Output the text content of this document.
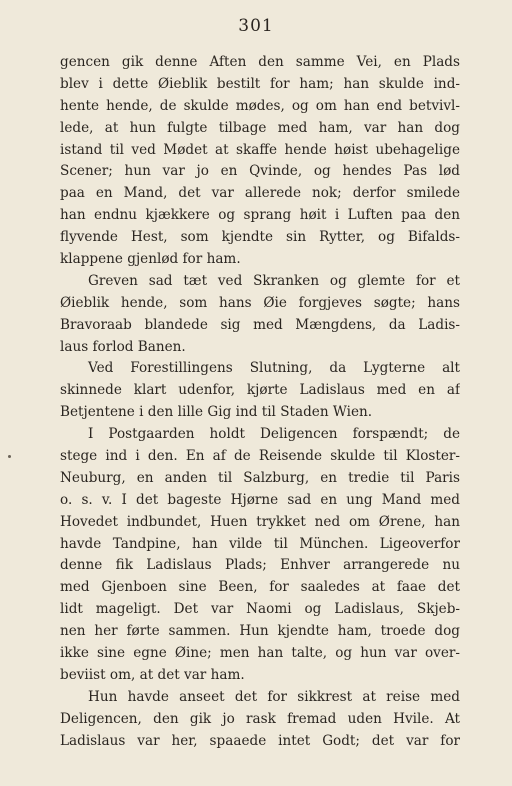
301
gencen gik denne Aften den samme Vei, en Plads
blev i dette Øieblik bestilt for ham; han skulde ind-
hente hende, de skulde mødes, og om han end betvivl-
lede, at hun fulgte tilbage med ham, var han dog
istand til ved Mødet at skaffe hende høist ubehagelige
Scener; hun var jo en Qvinde, og hendes Pas lød
paa en Mand, det var allerede nok; derfor smilede
han endnu kjækkere og sprang høit i Luften paa den
flyvende Hest, som kjendte sin Rytter, og Bifalds-
klappene gjenlød for ham.
Greven sad tæt ved Skranken og glemte for et
Øieblik hende, som hans Øie forgjeves søgte; hans
Bravoraab blandede sig med Mængdens, da Ladis-
laus forlod Banen.
Ved Forestillingens Slutning, da Lygterne alt
skinnede klart udenfor, kjørte Ladislaus med en af
Betjentene i den lille Gig ind til Staden Wien.
I Postgaarden holdt Deligencen forspændt; de
stege ind i den. En af de Reisende skulde til Kloster-
Neuburg, en anden til Salzburg, en tredie til Paris
o. s. v. I det bageste Hjørne sad en ung Mand med
Hovedet indbundet, Huen trykket ned om Ørene, han
havde Tandpine, han vilde til München. Ligeoverfor
denne fik Ladislaus Plads; Enhver arrangerede nu
med Gjenboen sine Been, for saaledes at faae det
lidt mageligt. Det var Naomi og Ladislaus, Skjeb-
nen her førte sammen. Hun kjendte ham, troede dog
ikke sine egne Øine; men han talte, og hun var over-
beviist om, at det var ham.
Hun havde anseet det for sikkrest at reise med
Deligencen, den gik jo rask fremad uden Hvile. At
Ladislaus var her, spaaede intet Godt; det var for
